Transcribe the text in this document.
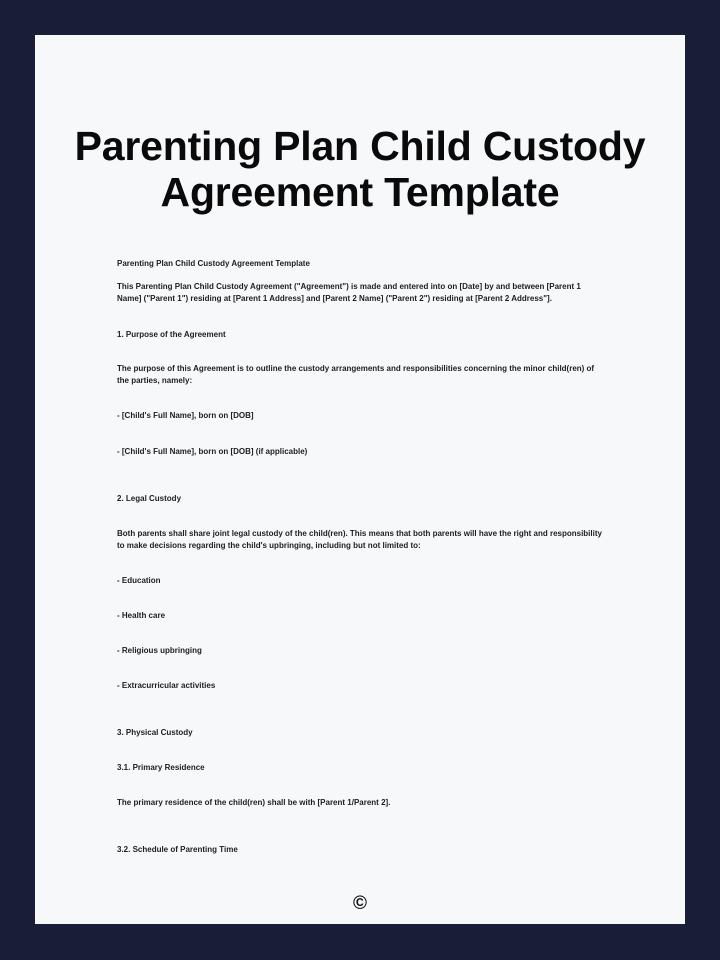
Parenting Plan Child Custody
Agreement Template
Parenting Plan Child Custody Agreement Template
This Parenting Plan Child Custody Agreement ("Agreement") is made and entered into on [Date] by and between [Parent 1 Name] ("Parent 1") residing at [Parent 1 Address] and [Parent 2 Name] ("Parent 2") residing at [Parent 2 Address"].
1. Purpose of the Agreement
The purpose of this Agreement is to outline the custody arrangements and responsibilities concerning the minor child(ren) of the parties, namely:
- [Child's Full Name], born on [DOB]
- [Child's Full Name], born on [DOB] (if applicable)
2. Legal Custody
Both parents shall share joint legal custody of the child(ren). This means that both parents will have the right and responsibility to make decisions regarding the child's upbringing, including but not limited to:
- Education
- Health care
- Religious upbringing
- Extracurricular activities
3. Physical Custody
3.1. Primary Residence
The primary residence of the child(ren) shall be with [Parent 1/Parent 2].
3.2. Schedule of Parenting Time
©
